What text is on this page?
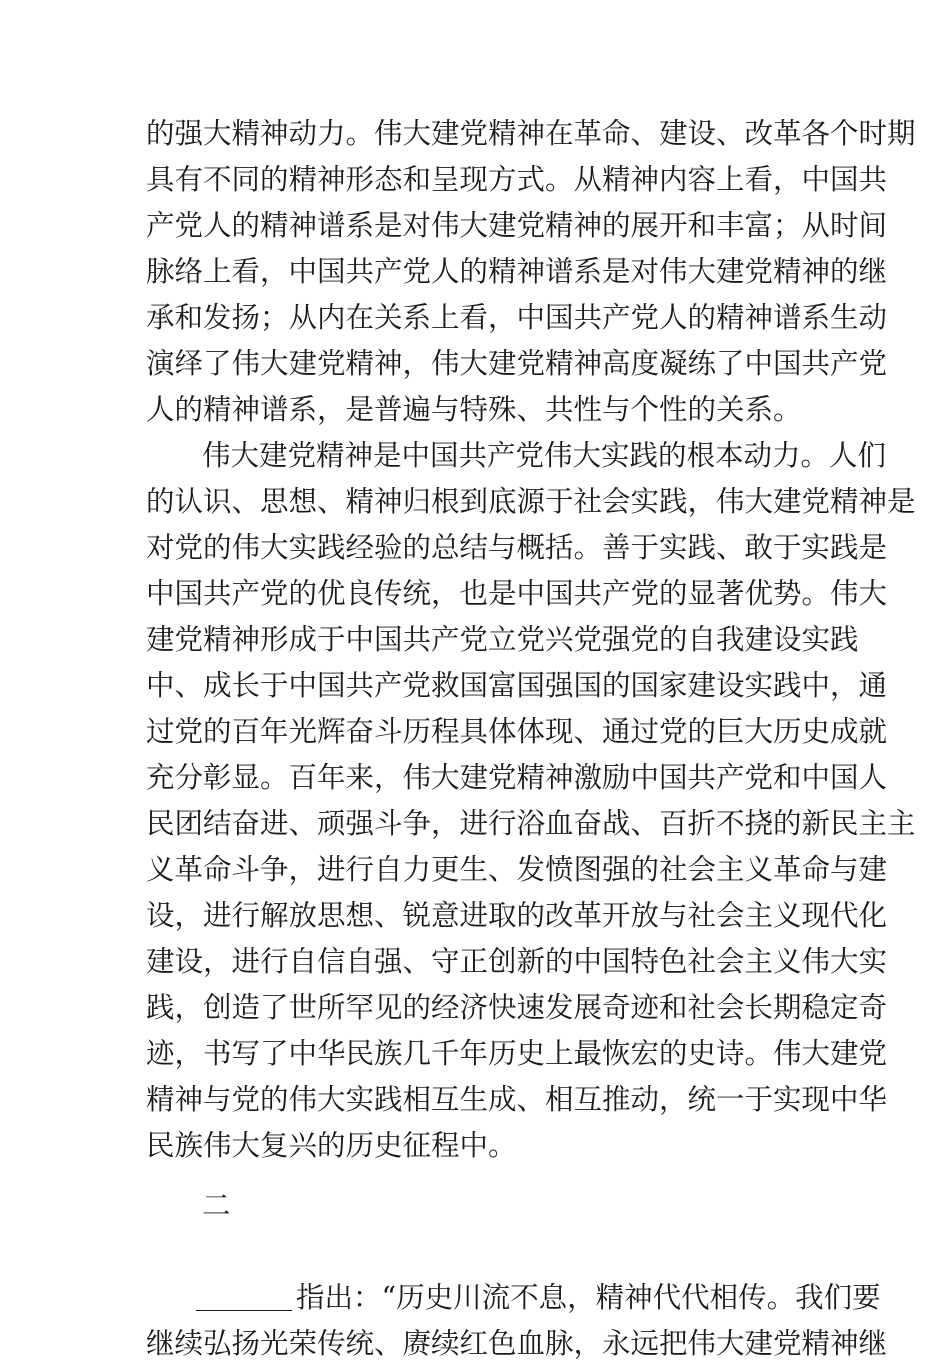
的强大精神动力。伟大建党精神在革命、建设、改革各个时期
具有不同的精神形态和呈现方式。从精神内容上看，中国共
产党人的精神谱系是对伟大建党精神的展开和丰富；从时间
脉络上看，中国共产党人的精神谱系是对伟大建党精神的继
承和发扬；从内在关系上看，中国共产党人的精神谱系生动
演绎了伟大建党精神，伟大建党精神高度凝练了中国共产党
人的精神谱系，是普遍与特殊、共性与个性的关系。
伟大建党精神是中国共产党伟大实践的根本动力。人们
的认识、思想、精神归根到底源于社会实践，伟大建党精神是
对党的伟大实践经验的总结与概括。善于实践、敢于实践是
中国共产党的优良传统，也是中国共产党的显著优势。伟大
建党精神形成于中国共产党立党兴党强党的自我建设实践
中、成长于中国共产党救国富国强国的国家建设实践中，通
过党的百年光辉奋斗历程具体体现、通过党的巨大历史成就
充分彰显。百年来，伟大建党精神激励中国共产党和中国人
民团结奋进、顽强斗争，进行浴血奋战、百折不挠的新民主主
义革命斗争，进行自力更生、发愤图强的社会主义革命与建
设，进行解放思想、锐意进取的改革开放与社会主义现代化
建设，进行自信自强、守正创新的中国特色社会主义伟大实
践，创造了世所罕见的经济快速发展奇迹和社会长期稳定奇
迹，书写了中华民族几千年历史上最恢宏的史诗。伟大建党
精神与党的伟大实践相互生成、相互推动，统一于实现中华
民族伟大复兴的历史征程中。
二
指出：“历史川流不息，精神代代相传。我们要
继续弘扬光荣传统、赓续红色血脉，永远把伟大建党精神继
